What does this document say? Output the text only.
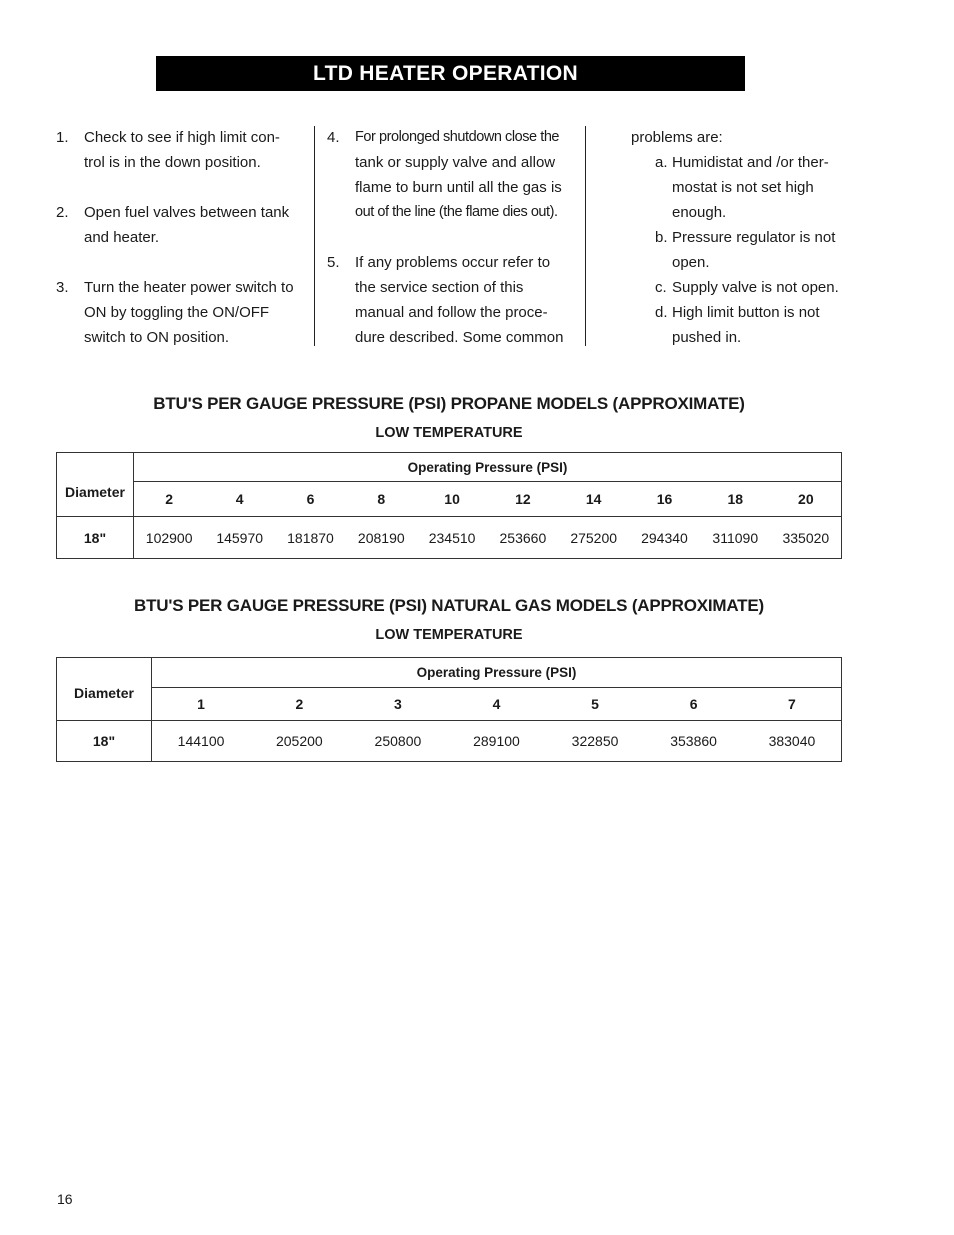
LTD HEATER OPERATION
1. Check to see if high limit con-
trol is in the down position.
2. Open fuel valves between tank
and heater.
3. Turn the heater power switch to
ON by toggling the ON/OFF
switch to ON position.
4. For prolonged shutdown close the
tank or supply valve and allow
flame to burn until all the gas is
out of the line (the flame dies out).
5. If any problems occur refer to
the service section of this
manual and follow the proce-
dure described. Some common
problems are:
a. Humidistat and /or ther-
mostat is not set high
enough.
b. Pressure regulator is not
open.
c. Supply valve is not open.
d. High limit button is not
pushed in.
BTU'S PER GAUGE PRESSURE (PSI) PROPANE MODELS (APPROXIMATE)
LOW TEMPERATURE
Diameter	Operating Pressure (PSI)									
	2	4	6	8	10	12	14	16	18	20
18"	102900	145970	181870	208190	234510	253660	275200	294340	311090	335020
BTU'S PER GAUGE PRESSURE (PSI) NATURAL GAS MODELS (APPROXIMATE)
LOW TEMPERATURE
Diameter	Operating Pressure (PSI)						
	1	2	3	4	5	6	7
18"	144100	205200	250800	289100	322850	353860	383040
16
